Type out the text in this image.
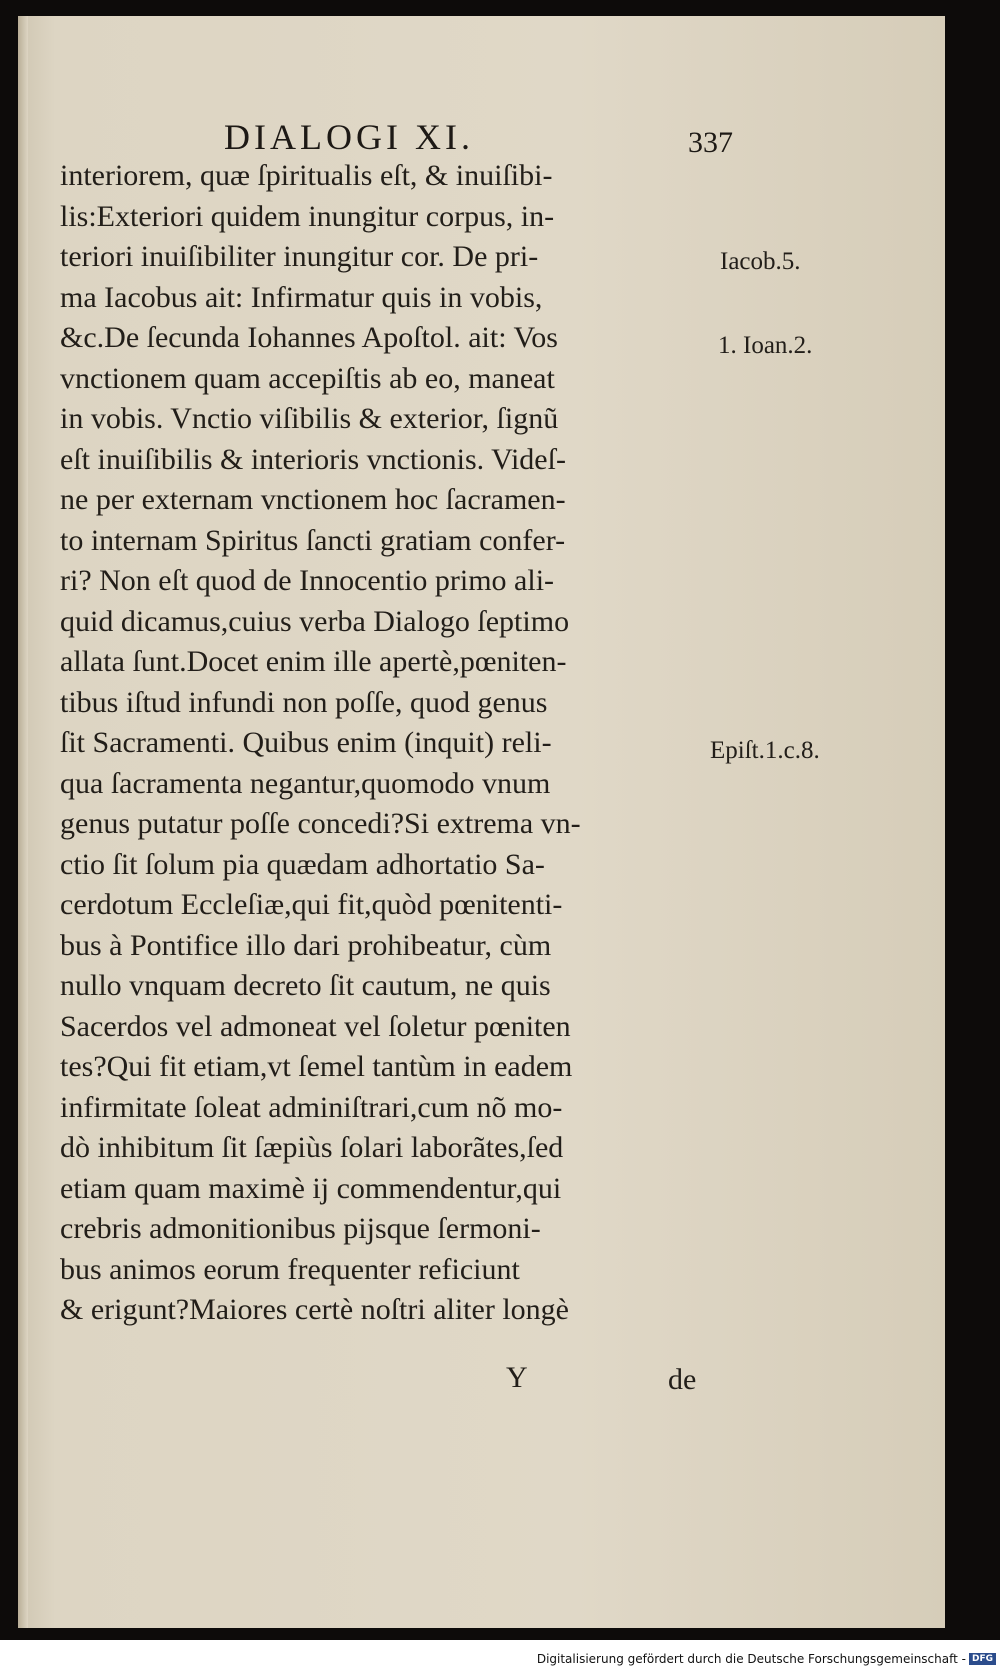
DIALOGI XI.	337
interiorem, quæ ſpiritualis eſt, & inuiſibi-
lis:Exteriori quidem inungitur corpus, in-
teriori inuiſibiliter inungitur cor. De pri-
ma Iacobus ait: Infirmatur quis in vobis,
&c.De ſecunda Iohannes Apoſtol. ait: Vos
vnctionem quam accepiſtis ab eo, maneat
in vobis. Vnctio viſibilis & exterior, ſignũ
eſt inuiſibilis & interioris vnctionis. Videſ-
ne per externam vnctionem hoc ſacramen-
to internam Spiritus ſancti gratiam confer-
ri? Non eſt quod de Innocentio primo ali-
quid dicamus,cuius verba Dialogo ſeptimo
allata ſunt.Docet enim ille apertè,pœniten-
tibus iſtud infundi non poſſe, quod genus
ſit Sacramenti. Quibus enim (inquit) reli-
qua ſacramenta negantur,quomodo vnum
genus putatur poſſe concedi?Si extrema vn-
ctio ſit ſolum pia quædam adhortatio Sa-
cerdotum Eccleſiæ,qui fit,quòd pœnitenti-
bus à Pontifice illo dari prohibeatur, cùm
nullo vnquam decreto ſit cautum, ne quis
Sacerdos vel admoneat vel ſoletur pœniten
tes?Qui fit etiam,vt ſemel tantùm in eadem
infirmitate ſoleat adminiſtrari,cum nõ mo-
dò inhibitum ſit ſæpiùs ſolari laborãtes,ſed
etiam quam maximè ij commendentur,qui
crebris admonitionibus pijsque ſermoni-
bus animos eorum frequenter reficiunt
& erigunt?Maiores certè noſtri aliter longè
Iacob.5.
1. Ioan.2.
Epiſt.1.c.8.
Y	de
Digitalisierung gefördert durch die Deutsche Forschungsgemeinschaft - DFG
